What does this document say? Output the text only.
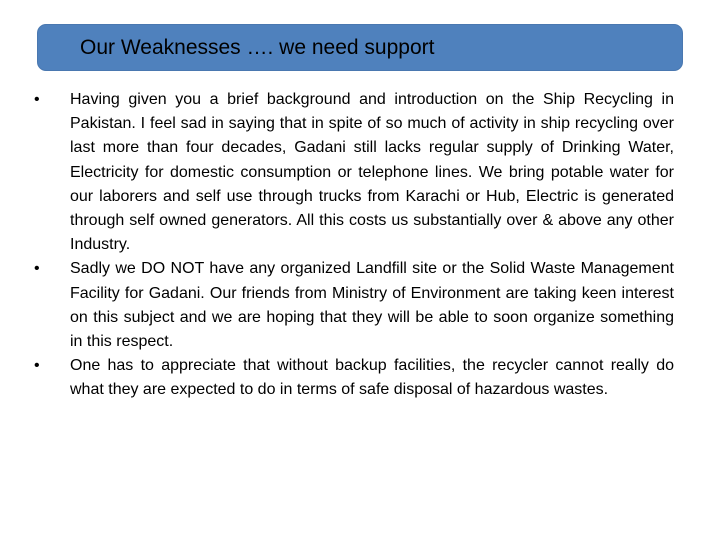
Our Weaknesses …. we need support
• Having given you a brief background and introduction on the Ship Recycling in Pakistan. I feel sad in saying that in spite of so much of activity in ship recycling over last more than four decades, Gadani still lacks regular supply of Drinking Water, Electricity for domestic consumption or telephone lines. We bring potable water for our laborers and self use through trucks from Karachi or Hub, Electric is generated through self owned generators. All this costs us substantially over & above any other Industry.
• Sadly we DO NOT have any organized Landfill site or the Solid Waste Management Facility for Gadani. Our friends from Ministry of Environment are taking keen interest on this subject and we are hoping that they will be able to soon organize something in this respect.
• One has to appreciate that without backup facilities, the recycler cannot really do what they are expected to do in terms of safe disposal of hazardous wastes.
